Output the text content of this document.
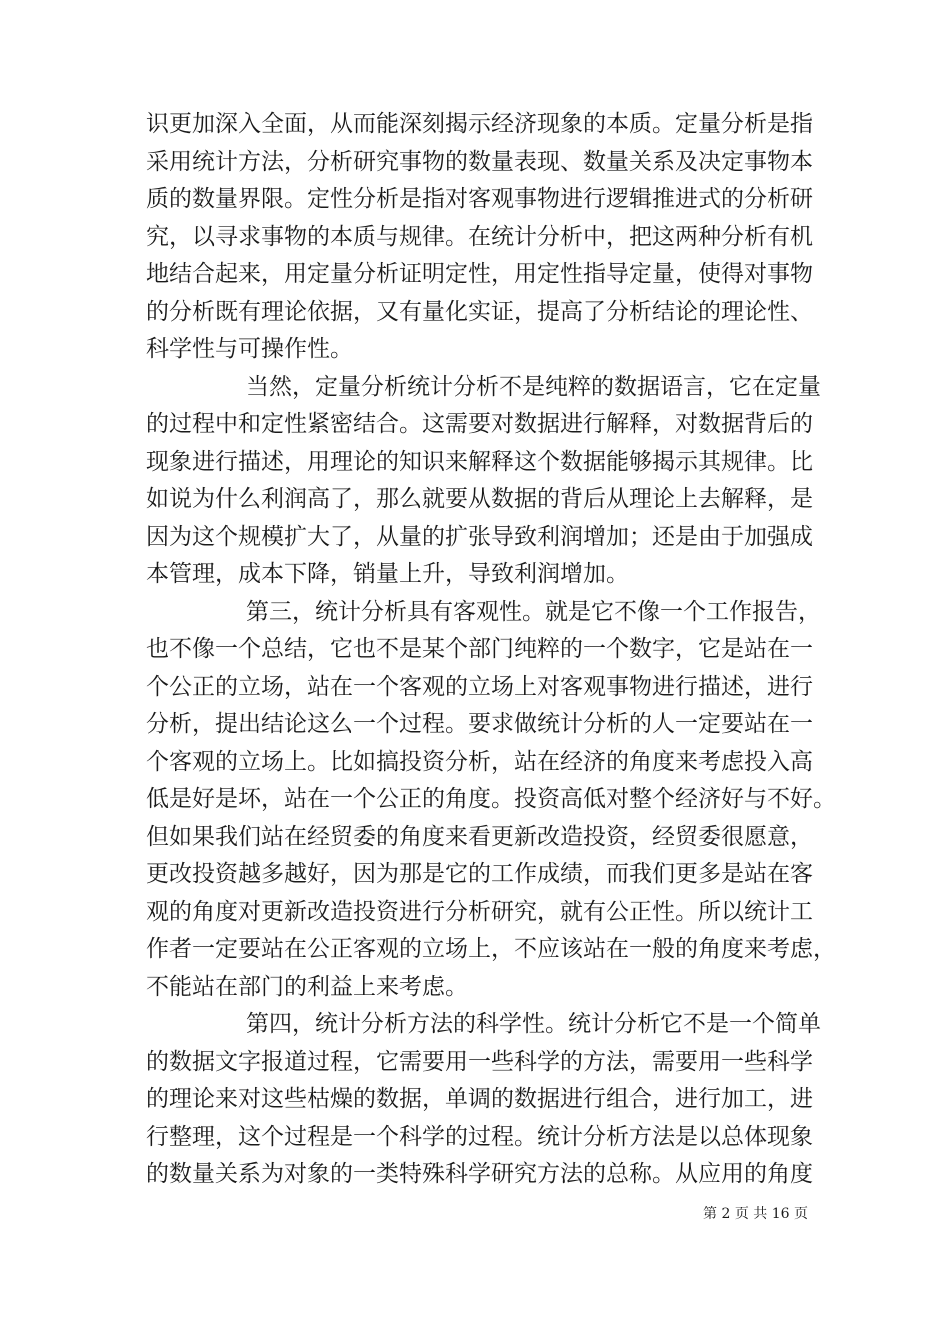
识更加深入全面，从而能深刻揭示经济现象的本质。定量分析是指
采用统计方法，分析研究事物的数量表现、数量关系及决定事物本
质的数量界限。定性分析是指对客观事物进行逻辑推进式的分析研
究，以寻求事物的本质与规律。在统计分析中，把这两种分析有机
地结合起来，用定量分析证明定性，用定性指导定量，使得对事物
的分析既有理论依据，又有量化实证，提高了分析结论的理论性、
科学性与可操作性。
当然，定量分析统计分析不是纯粹的数据语言，它在定量
的过程中和定性紧密结合。这需要对数据进行解释，对数据背后的
现象进行描述，用理论的知识来解释这个数据能够揭示其规律。比
如说为什么利润高了，那么就要从数据的背后从理论上去解释，是
因为这个规模扩大了，从量的扩张导致利润增加；还是由于加强成
本管理，成本下降，销量上升，导致利润增加。
第三，统计分析具有客观性。就是它不像一个工作报告，
也不像一个总结，它也不是某个部门纯粹的一个数字，它是站在一
个公正的立场，站在一个客观的立场上对客观事物进行描述，进行
分析，提出结论这么一个过程。要求做统计分析的人一定要站在一
个客观的立场上。比如搞投资分析，站在经济的角度来考虑投入高
低是好是坏，站在一个公正的角度。投资高低对整个经济好与不好。
但如果我们站在经贸委的角度来看更新改造投资，经贸委很愿意，
更改投资越多越好，因为那是它的工作成绩，而我们更多是站在客
观的角度对更新改造投资进行分析研究，就有公正性。所以统计工
作者一定要站在公正客观的立场上，不应该站在一般的角度来考虑，
不能站在部门的利益上来考虑。
第四，统计分析方法的科学性。统计分析它不是一个简单
的数据文字报道过程，它需要用一些科学的方法，需要用一些科学
的理论来对这些枯燥的数据，单调的数据进行组合，进行加工，进
行整理，这个过程是一个科学的过程。统计分析方法是以总体现象
的数量关系为对象的一类特殊科学研究方法的总称。从应用的角度
第 2 页 共 16 页
